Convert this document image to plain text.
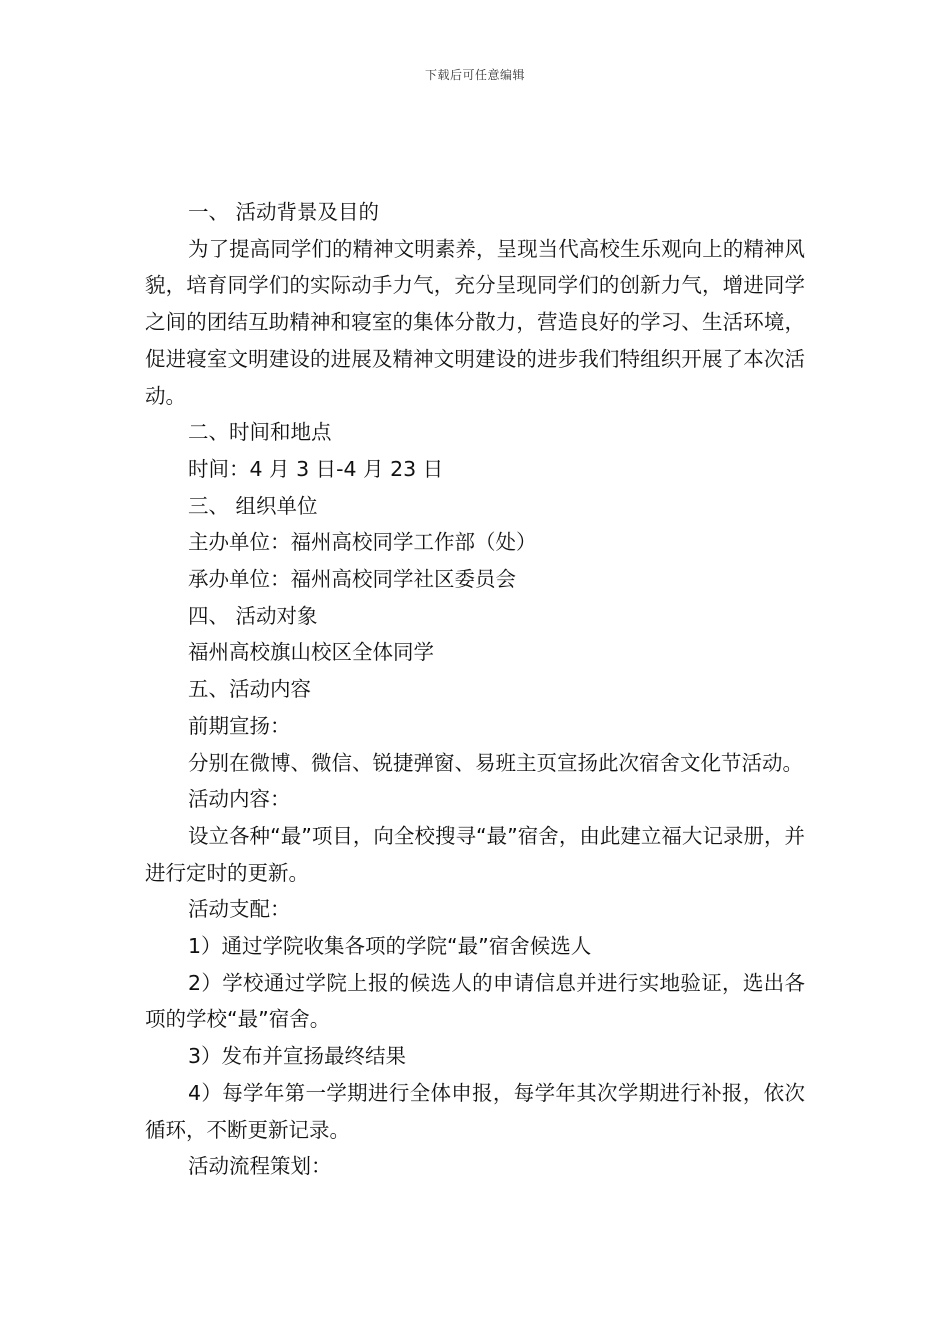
下载后可任意编辑

一、 活动背景及目的

为了提高同学们的精神文明素养，呈现当代高校生乐观向上的精神风貌，培育同学们的实际动手力气，充分呈现同学们的创新力气，增进同学之间的团结互助精神和寝室的集体分散力，营造良好的学习、生活环境，促进寝室文明建设的进展及精神文明建设的进步我们特组织开展了本次活动。

二、时间和地点

时间：4 月 3 日-4 月 23 日

三、 组织单位

主办单位：福州高校同学工作部（处）

承办单位：福州高校同学社区委员会

四、 活动对象

福州高校旗山校区全体同学

五、活动内容

前期宣扬：

分别在微博、微信、锐捷弹窗、易班主页宣扬此次宿舍文化节活动。

活动内容：

设立各种“最”项目，向全校搜寻“最”宿舍，由此建立福大记录册，并进行定时的更新。

活动支配：

1）通过学院收集各项的学院“最”宿舍候选人

2）学校通过学院上报的候选人的申请信息并进行实地验证，选出各项的学校“最”宿舍。

3）发布并宣扬最终结果

4）每学年第一学期进行全体申报，每学年其次学期进行补报，依次循环，不断更新记录。

活动流程策划：
